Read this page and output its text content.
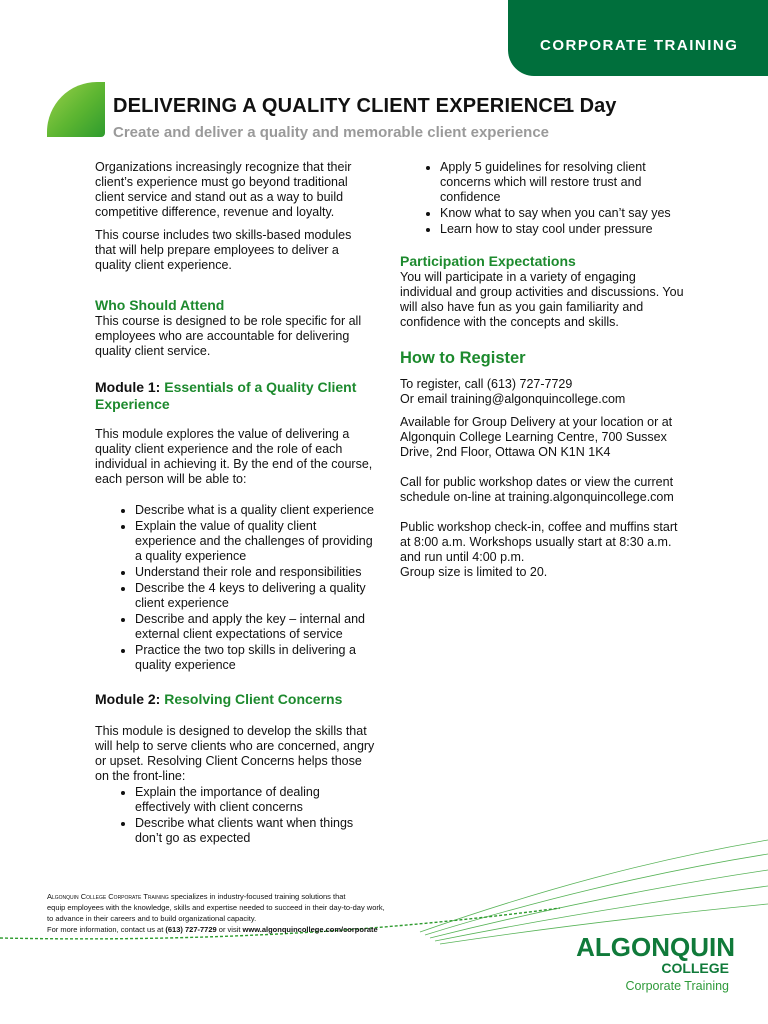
CORPORATE TRAINING
DELIVERING A QUALITY CLIENT EXPERIENCE
1 Day
Create and deliver a quality and memorable client experience

Organizations increasingly recognize that their client’s experience must go beyond traditional client service and stand out as a way to build competitive difference, revenue and loyalty.

This course includes two skills-based modules that will help prepare employees to deliver a quality client experience.

Who Should Attend

This course is designed to be role specific for all employees who are accountable for delivering quality client service.

Module 1: Essentials of a Quality Client Experience

This module explores the value of delivering a quality client experience and the role of each individual in achieving it. By the end of the course, each person will be able to:

• Describe what is a quality client experience
• Explain the value of quality client experience and the challenges of providing a quality experience
• Understand their role and responsibilities
• Describe the 4 keys to delivering a quality client experience
• Describe and apply the key – internal and external client expectations of service
• Practice the two top skills in delivering a quality experience
Module 2: Resolving Client Concerns

This module is designed to develop the skills that will help to serve clients who are concerned, angry or upset. Resolving Client Concerns helps those on the front-line:

• Explain the importance of dealing effectively with client concerns
• Describe what clients want when things don’t go as expected
• Apply 5 guidelines for resolving client concerns which will restore trust and confidence
• Know what to say when you can’t say yes
• Learn how to stay cool under pressure
Participation Expectations

You will participate in a variety of engaging individual and group activities and discussions. You will also have fun as you gain familiarity and confidence with the concepts and skills.

How to Register

To register, call (613) 727-7729

Or email training@algonquincollege.com

Available for Group Delivery at your location or at Algonquin College Learning Centre, 700 Sussex Drive, 2nd Floor, Ottawa ON K1N 1K4

Call for public workshop dates or view the current schedule on-line at training.algonquincollege.com

Public workshop check-in, coffee and muffins start at 8:00 a.m. Workshops usually start at 8:30 a.m. and run until 4:00 p.m.

Group size is limited to 20.

Algonquin College Corporate Training specializes in industry-focused training solutions that
equip employees with the knowledge, skills and expertise needed to succeed in their day-to-day work,
to advance in their careers and to build organizational capacity.
For more information, contact us at (613) 727-7729 or visit www.algonquincollege.com/corporate
ALGONQUIN
COLLEGE
Corporate Training
